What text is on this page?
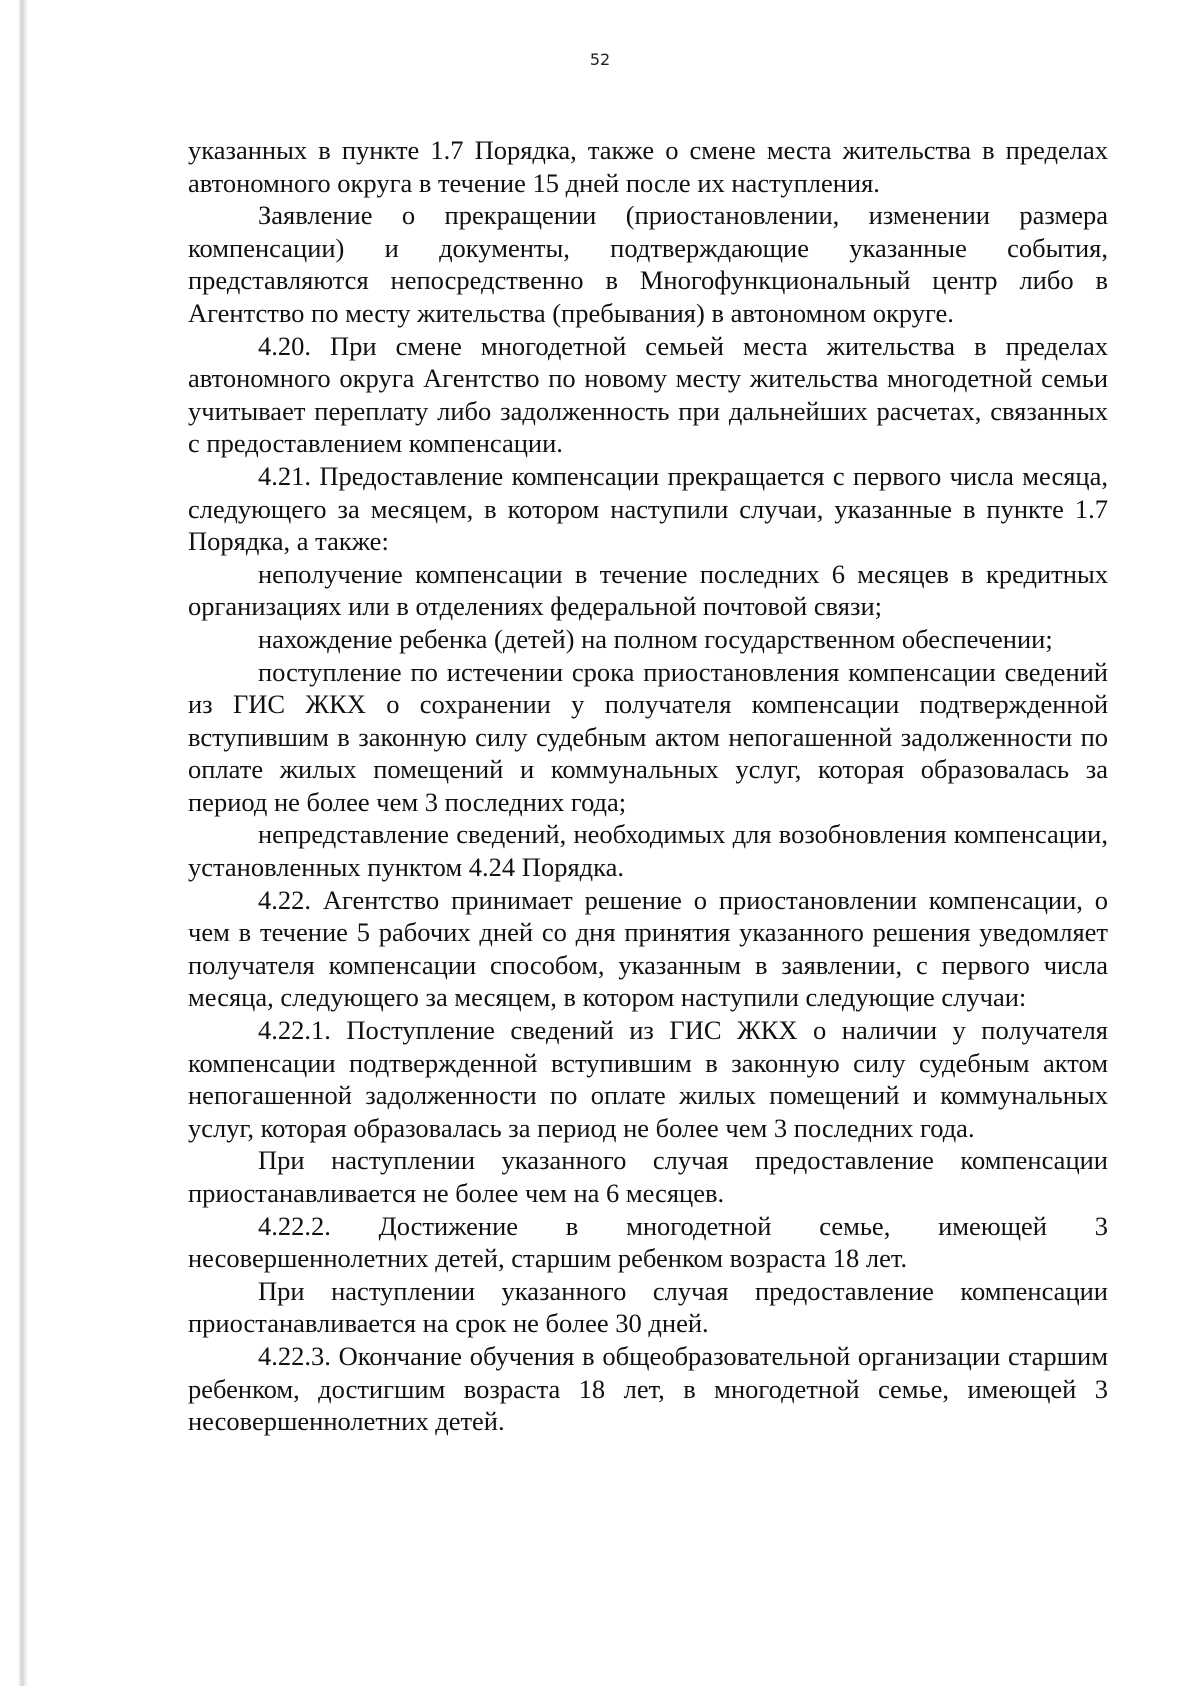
52

указанных в пункте 1.7 Порядка, также о смене места жительства в пределах автономного округа в течение 15 дней после их наступления.

Заявление о прекращении (приостановлении, изменении размера компенсации) и документы, подтверждающие указанные события, представляются непосредственно в Многофункциональный центр либо в Агентство по месту жительства (пребывания) в автономном округе.

4.20. При смене многодетной семьей места жительства в пределах автономного округа Агентство по новому месту жительства многодетной семьи учитывает переплату либо задолженность при дальнейших расчетах, связанных с предоставлением компенсации.

4.21. Предоставление компенсации прекращается с первого числа месяца, следующего за месяцем, в котором наступили случаи, указанные в пункте 1.7 Порядка, а также:

неполучение компенсации в течение последних 6 месяцев в кредитных организациях или в отделениях федеральной почтовой связи;

нахождение ребенка (детей) на полном государственном обеспечении;

поступление по истечении срока приостановления компенсации сведений из ГИС ЖКХ о сохранении у получателя компенсации подтвержденной вступившим в законную силу судебным актом непогашенной задолженности по оплате жилых помещений и коммунальных услуг, которая образовалась за период не более чем 3 последних года;

непредставление сведений, необходимых для возобновления компенсации, установленных пунктом 4.24 Порядка.

4.22. Агентство принимает решение о приостановлении компенсации, о чем в течение 5 рабочих дней со дня принятия указанного решения уведомляет получателя компенсации способом, указанным в заявлении, с первого числа месяца, следующего за месяцем, в котором наступили следующие случаи:

4.22.1. Поступление сведений из ГИС ЖКХ о наличии у получателя компенсации подтвержденной вступившим в законную силу судебным актом непогашенной задолженности по оплате жилых помещений и коммунальных услуг, которая образовалась за период не более чем 3 последних года.

При наступлении указанного случая предоставление компенсации приостанавливается не более чем на 6 месяцев.

4.22.2. Достижение в многодетной семье, имеющей 3 несовершеннолетних детей, старшим ребенком возраста 18 лет.

При наступлении указанного случая предоставление компенсации приостанавливается на срок не более 30 дней.

4.22.3. Окончание обучения в общеобразовательной организации старшим ребенком, достигшим возраста 18 лет, в многодетной семье, имеющей 3 несовершеннолетних детей.
